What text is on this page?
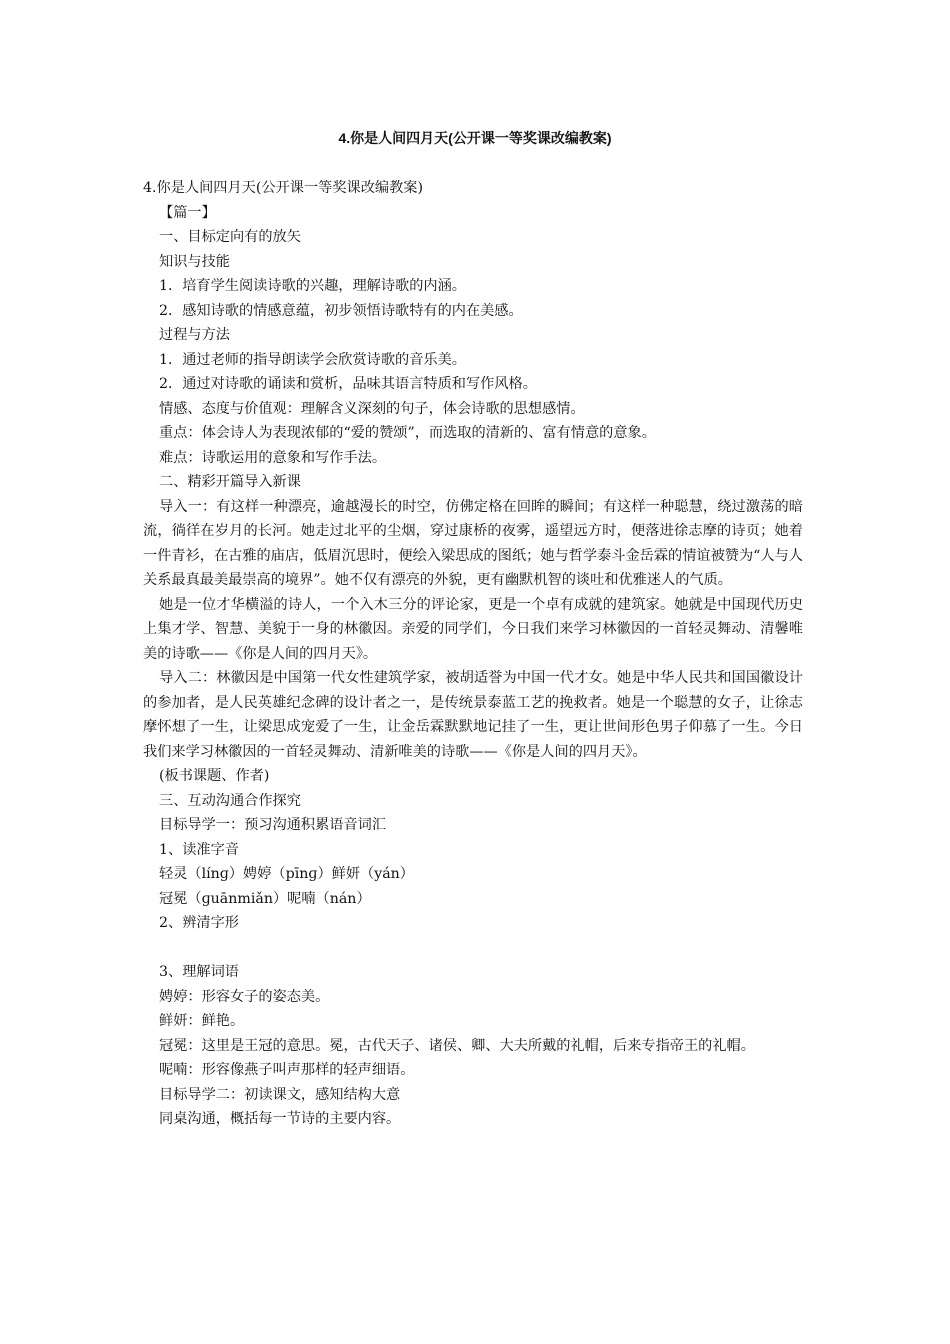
4.你是人间四月天(公开课一等奖课改编教案)
4.你是人间四月天(公开课一等奖课改编教案)
【篇一】
一、目标定向有的放矢
知识与技能
1．培育学生阅读诗歌的兴趣，理解诗歌的内涵。
2．感知诗歌的情感意蕴，初步领悟诗歌特有的内在美感。
过程与方法
1．通过老师的指导朗读学会欣赏诗歌的音乐美。
2．通过对诗歌的诵读和赏析，品味其语言特质和写作风格。
情感、态度与价值观：理解含义深刻的句子，体会诗歌的思想感情。
重点：体会诗人为表现浓郁的“爱的赞颂”，而选取的清新的、富有情意的意象。
难点：诗歌运用的意象和写作手法。
二、精彩开篇导入新课
导入一：有这样一种漂亮，逾越漫长的时空，仿佛定格在回眸的瞬间；有这样一种聪慧，绕过激荡的暗流，徜徉在岁月的长河。她走过北平的尘烟，穿过康桥的夜雾，遥望远方时，便落进徐志摩的诗页；她着一件青衫，在古雅的庙店，低眉沉思时，便绘入梁思成的图纸；她与哲学泰斗金岳霖的情谊被赞为“人与人关系最真最美最崇高的境界”。她不仅有漂亮的外貌，更有幽默机智的谈吐和优雅迷人的气质。
她是一位才华横溢的诗人，一个入木三分的评论家，更是一个卓有成就的建筑家。她就是中国现代历史上集才学、智慧、美貌于一身的林徽因。亲爱的同学们，今日我们来学习林徽因的一首轻灵舞动、清馨唯美的诗歌——《你是人间的四月天》。
导入二：林徽因是中国第一代女性建筑学家，被胡适誉为中国一代才女。她是中华人民共和国国徽设计的参加者，是人民英雄纪念碑的设计者之一，是传统景泰蓝工艺的挽救者。她是一个聪慧的女子，让徐志摩怀想了一生，让梁思成宠爱了一生，让金岳霖默默地记挂了一生，更让世间形色男子仰慕了一生。今日我们来学习林徽因的一首轻灵舞动、清新唯美的诗歌——《你是人间的四月天》。
(板书课题、作者)
三、互动沟通合作探究
目标导学一：预习沟通积累语音词汇
1、读准字音
轻灵（línɡ）娉婷（pīnɡ）鲜妍（yán）
冠冕（ɡuānmiǎn）呢喃（nán）
2、辨清字形
3、理解词语
娉婷：形容女子的姿态美。
鲜妍：鲜艳。
冠冕：这里是王冠的意思。冕，古代天子、诸侯、卿、大夫所戴的礼帽，后来专指帝王的礼帽。
呢喃：形容像燕子叫声那样的轻声细语。
目标导学二：初读课文，感知结构大意
同桌沟通，概括每一节诗的主要内容。
